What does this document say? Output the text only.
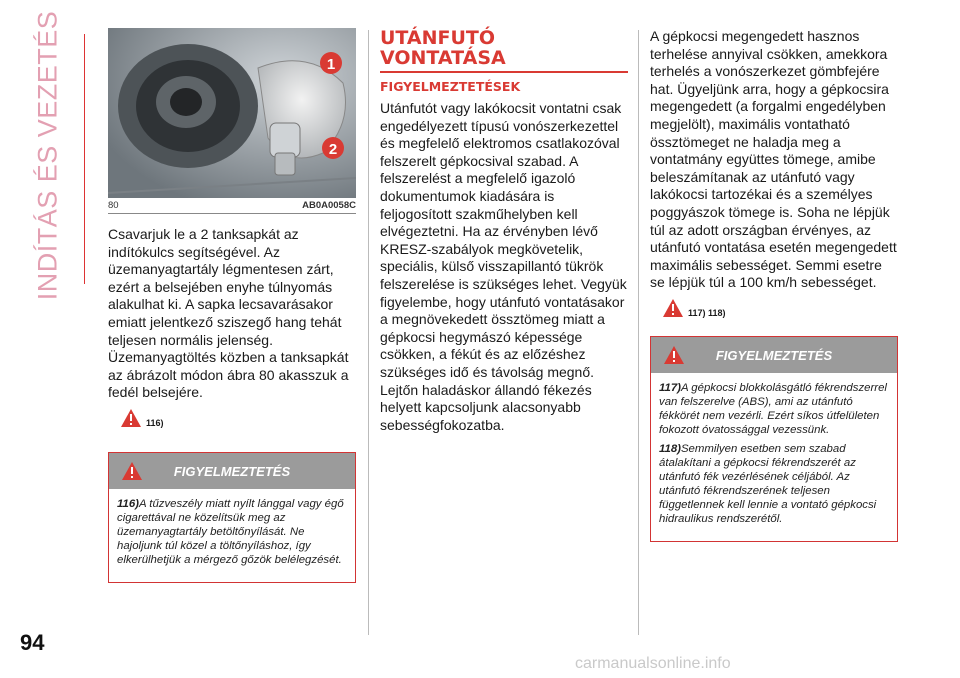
INDÍTÁS ÉS VEZETÉS	1
2
80	AB0A0058C

Csavarjuk le a 2 tanksapkát az indítókulcs segítségével. Az üzemanyagtartály légmentesen zárt, ezért a belsejében enyhe túlnyomás alakulhat ki. A sapka lecsavarásakor emiatt jelentkező sziszegő hang tehát teljesen normális jelenség. Üzemanyagtöltés közben a tanksapkát az ábrázolt módon ábra 80 akasszuk a fedél belsejére.

116)
FIGYELMEZTETÉS

116)A tűzveszély miatt nyílt lánggal vagy égő cigarettával ne közelítsük meg az üzemanyagtartály betöltőnyílását. Ne hajoljunk túl közel a töltőnyíláshoz, így elkerülhetjük a mérgező gőzök belélegzését.

UTÁNFUTÓ
VONTATÁSA
FIGYELMEZTETÉSEK

Utánfutót vagy lakókocsit vontatni csak engedélyezett típusú vonószerkezettel és megfelelő elektromos csatlakozóval felszerelt gépkocsival szabad. A felszerelést a megfelelő igazoló dokumentumok kiadására is feljogosított szakműhelyben kell elvégeztetni. Ha az érvényben lévő KRESZ-szabályok megkövetelik, speciális, külső visszapillantó tükrök felszerelése is szükséges lehet. Vegyük figyelembe, hogy utánfutó vontatásakor a megnövekedett össztömeg miatt a gépkocsi hegymászó képessége csökken, a fékút és az előzéshez szükséges idő és távolság megnő. Lejtőn haladáskor állandó fékezés helyett kapcsoljunk alacsonyabb sebességfokozatba.

A gépkocsi megengedett hasznos terhelése annyival csökken, amekkora terhelés a vonószerkezet gömbfejére hat. Ügyeljünk arra, hogy a gépkocsira megengedett (a forgalmi engedélyben megjelölt), maximális vontatható össztömeget ne haladja meg a vontatmány együttes tömege, amibe beleszámítanak az utánfutó vagy lakókocsi tartozékai és a személyes poggyászok tömege is. Soha ne lépjük túl az adott országban érvényes, az utánfutó vontatása esetén megengedett maximális sebességet. Semmi esetre se lépjük túl a 100 km/h sebességet.

117) 118)
FIGYELMEZTETÉS

117)A gépkocsi blokkolásgátló fékrendszerrel van felszerelve (ABS), ami az utánfutó fékkörét nem vezérli. Ezért síkos útfelületen fokozott óvatossággal vezessünk.

118)Semmilyen esetben sem szabad átalakítani a gépkocsi fékrendszerét az utánfutó fék vezérlésének céljából. Az utánfutó fékrendszerének teljesen függetlennek kell lennie a vontató gépkocsi hidraulikus rendszerétől.

94
carmanualsonline.info
